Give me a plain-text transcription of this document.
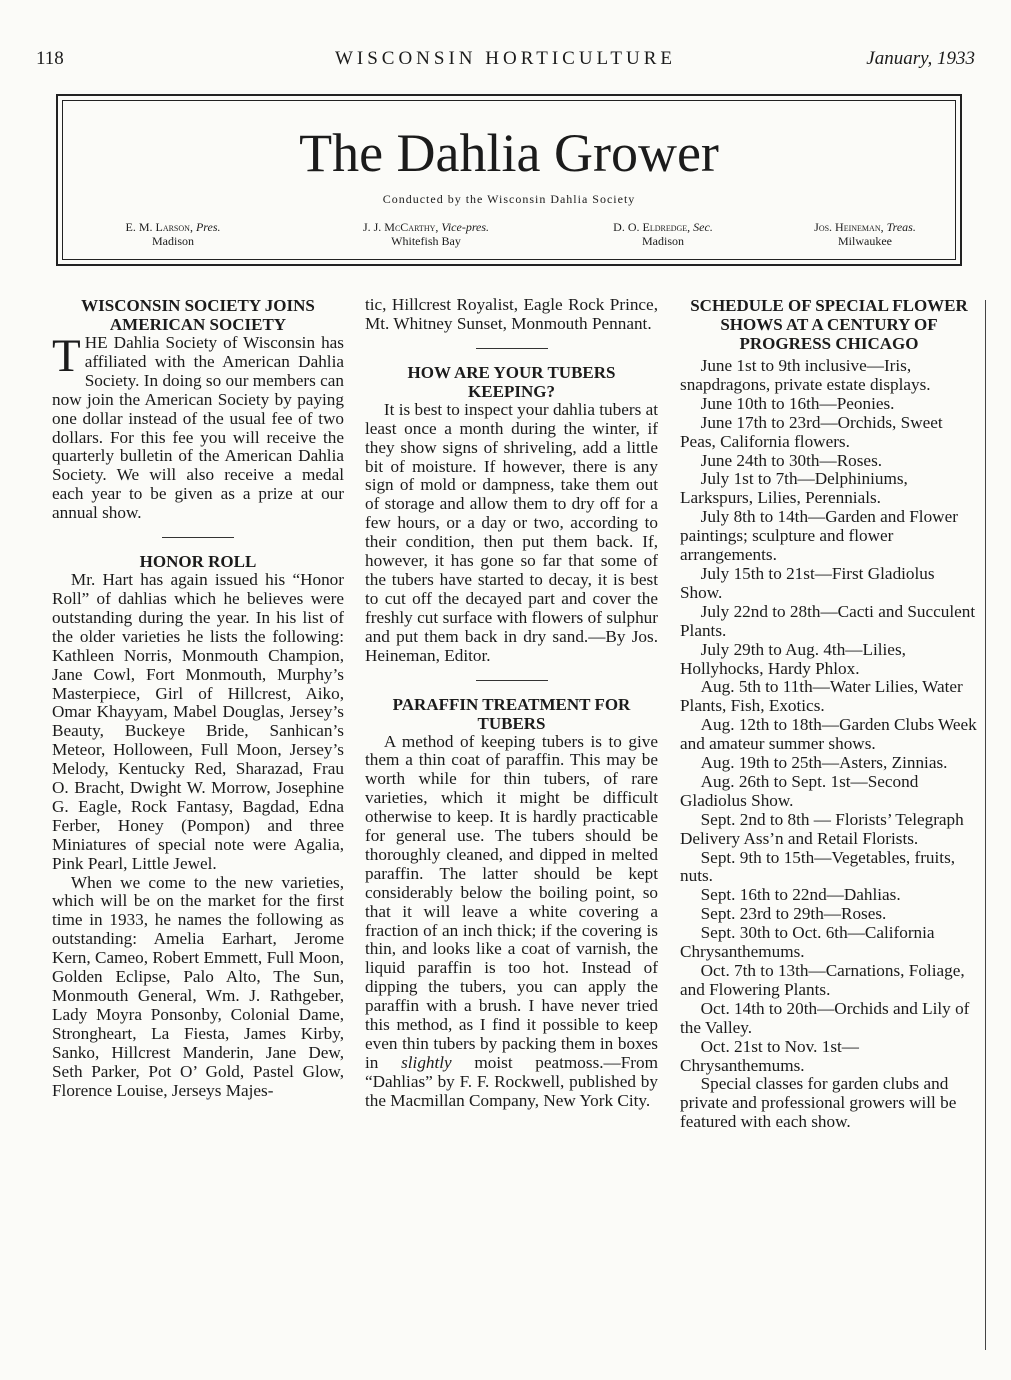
118	WISCONSIN HORTICULTURE	January, 1933
The Dahlia Grower
Conducted by the Wisconsin Dahlia Society
E. M. Larson, Pres.
Madison
J. J. McCarthy, Vice-pres.
Whitefish Bay
D. O. Eldredge, Sec.
Madison
Jos. Heineman, Treas.
Milwaukee
WISCONSIN SOCIETY JOINS AMERICAN SOCIETY

THE Dahlia Society of Wisconsin has affiliated with the American Dahlia Society. In doing so our members can now join the American Society by paying one dollar instead of the usual fee of two dollars. For this fee you will receive the quarterly bulletin of the American Dahlia Society. We will also receive a medal each year to be given as a prize at our annual show.

HONOR ROLL

Mr. Hart has again issued his “Honor Roll” of dahlias which he believes were outstanding during the year. In his list of the older varieties he lists the following: Kathleen Norris, Monmouth Champion, Jane Cowl, Fort Monmouth, Murphy’s Masterpiece, Girl of Hillcrest, Aiko, Omar Khayyam, Mabel Douglas, Jersey’s Beauty, Buckeye Bride, Sanhican’s Meteor, Holloween, Full Moon, Jersey’s Melody, Kentucky Red, Sharazad, Frau O. Bracht, Dwight W. Morrow, Josephine G. Eagle, Rock Fantasy, Bagdad, Edna Ferber, Honey (Pompon) and three Miniatures of special note were Agalia, Pink Pearl, Little Jewel.

When we come to the new varieties, which will be on the market for the first time in 1933, he names the following as outstanding: Amelia Earhart, Jerome Kern, Cameo, Robert Emmett, Full Moon, Golden Eclipse, Palo Alto, The Sun, Monmouth General, Wm. J. Rathgeber, Lady Moyra Ponsonby, Colonial Dame, Strongheart, La Fiesta, James Kirby, Sanko, Hillcrest Manderin, Jane Dew, Seth Parker, Pot O’ Gold, Pastel Glow, Florence Louise, Jerseys Majes-

tic, Hillcrest Royalist, Eagle Rock Prince, Mt. Whitney Sunset, Monmouth Pennant.

HOW ARE YOUR TUBERS KEEPING?

It is best to inspect your dahlia tubers at least once a month during the winter, if they show signs of shriveling, add a little bit of moisture. If however, there is any sign of mold or dampness, take them out of storage and allow them to dry off for a few hours, or a day or two, according to their condition, then put them back. If, however, it has gone so far that some of the tubers have started to decay, it is best to cut off the decayed part and cover the freshly cut surface with flowers of sulphur and put them back in dry sand.—By Jos. Heineman, Editor.

PARAFFIN TREATMENT FOR TUBERS

A method of keeping tubers is to give them a thin coat of paraffin. This may be worth while for thin tubers, of rare varieties, which it might be difficult otherwise to keep. It is hardly practicable for general use. The tubers should be thoroughly cleaned, and dipped in melted paraffin. The latter should be kept considerably below the boiling point, so that it will leave a white covering a fraction of an inch thick; if the covering is thin, and looks like a coat of varnish, the liquid paraffin is too hot. Instead of dipping the tubers, you can apply the paraffin with a brush. I have never tried this method, as I find it possible to keep even thin tubers by packing them in boxes in slightly moist peatmoss.—From “Dahlias” by F. F. Rockwell, published by the Macmillan Company, New York City.

SCHEDULE OF SPECIAL FLOWER SHOWS AT A CENTURY OF PROGRESS CHICAGO

June 1st to 9th inclusive—Iris, snapdragons, private estate displays.

June 10th to 16th—Peonies.

June 17th to 23rd—Orchids, Sweet Peas, California flowers.

June 24th to 30th—Roses.

July 1st to 7th—Delphiniums, Larkspurs, Lilies, Perennials.

July 8th to 14th—Garden and Flower paintings; sculpture and flower arrangements.

July 15th to 21st—First Gladiolus Show.

July 22nd to 28th—Cacti and Succulent Plants.

July 29th to Aug. 4th—Lilies, Hollyhocks, Hardy Phlox.

Aug. 5th to 11th—Water Lilies, Water Plants, Fish, Exotics.

Aug. 12th to 18th—Garden Clubs Week and amateur summer shows.

Aug. 19th to 25th—Asters, Zinnias.

Aug. 26th to Sept. 1st—Second Gladiolus Show.

Sept. 2nd to 8th — Florists’ Telegraph Delivery Ass’n and Retail Florists.

Sept. 9th to 15th—Vegetables, fruits, nuts.

Sept. 16th to 22nd—Dahlias.

Sept. 23rd to 29th—Roses.

Sept. 30th to Oct. 6th—California Chrysanthemums.

Oct. 7th to 13th—Carnations, Foliage, and Flowering Plants.

Oct. 14th to 20th—Orchids and Lily of the Valley.

Oct. 21st to Nov. 1st—Chrysanthemums.

Special classes for garden clubs and private and professional growers will be featured with each show.
